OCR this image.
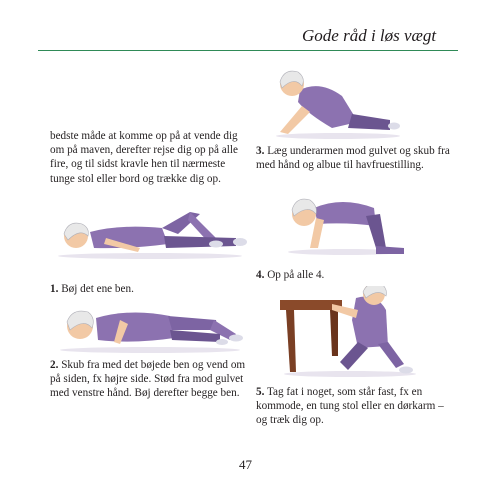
Gode råd i løs vægt
bedste måde at komme op på at vende dig om på maven, derefter rejse dig op på alle fire, og til sidst kravle hen til nærmeste tunge stol eller bord og trække dig op.
1. Bøj det ene ben.
2. Skub fra med det bøjede ben og vend om på siden, fx højre side. Stød fra mod gulvet med venstre hånd. Bøj derefter begge ben.
3. Læg underarmen mod gulvet og skub fra med hånd og albue til havfruestilling.
4. Op på alle 4.
5. Tag fat i noget, som står fast, fx en kommode, en tung stol eller en dørkarm – og træk dig op.
47
